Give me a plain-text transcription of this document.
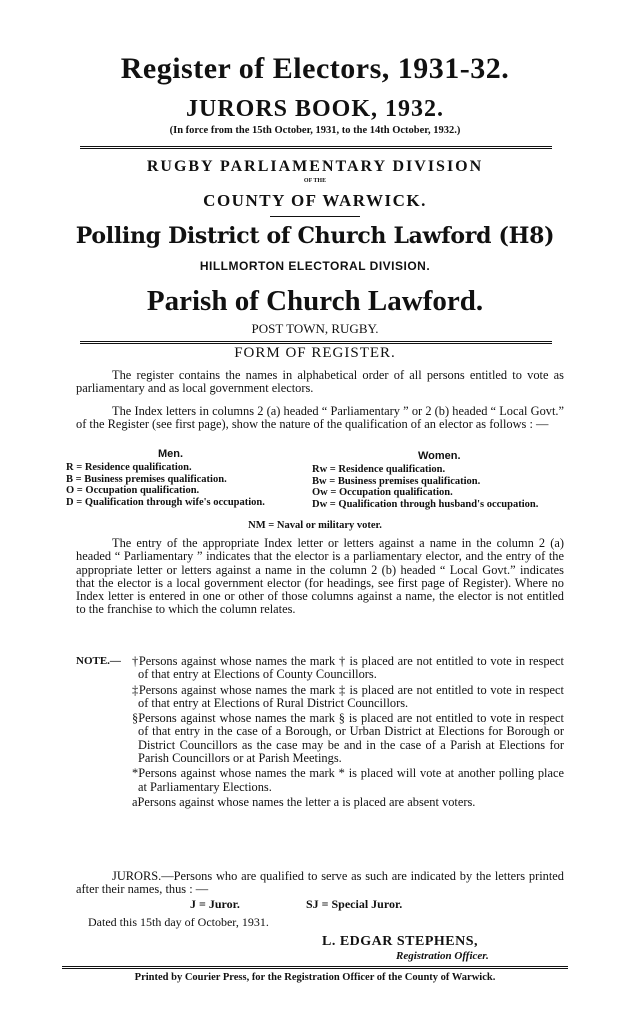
Register of Electors, 1931-32.
JURORS BOOK, 1932.
(In force from the 15th October, 1931, to the 14th October, 1932.)
RUGBY PARLIAMENTARY DIVISION
OF THE
COUNTY OF WARWICK.
Polling District of Church Lawford (H8)
HILLMORTON ELECTORAL DIVISION.
Parish of Church Lawford.
POST TOWN, RUGBY.
FORM OF REGISTER.

The register contains the names in alphabetical order of all persons entitled to vote as parliamentary and as local government electors.

The Index letters in columns 2 (a) headed “ Parliamentary ” or 2 (b) headed “ Local Govt.” of the Register (see first page), show the nature of the qualification of an elector as follows : —

Men.	Women.
R = Residence qualification.
B = Business premises qualification.
O = Occupation qualification.
D = Qualification through wife's occupation.
Rw = Residence qualification.
Bw = Business premises qualification.
Ow = Occupation qualification.
Dw = Qualification through husband's occupation.
NM = Naval or military voter.

The entry of the appropriate Index letter or letters against a name in the column 2 (a) headed “ Parliamentary ” indicates that the elector is a parliamentary elector, and the entry of the appropriate letter or letters against a name in the column 2 (b) headed “ Local Govt.” indicates that the elector is a local government elector (for headings, see first page of Register). Where no Index letter is entered in one or other of those columns against a name, the elector is not entitled to the franchise to which the column relates.

NOTE.— †Persons against whose names the mark † is placed are not entitled to vote in respect of that entry at Elections of County Councillors.

‡Persons against whose names the mark ‡ is placed are not entitled to vote in respect of that entry at Elections of Rural District Councillors.

§Persons against whose names the mark § is placed are not entitled to vote in respect of that entry in the case of a Borough, or Urban District at Elections for Borough or District Councillors as the case may be and in the case of a Parish at Elections for Parish Councillors or at Parish Meetings.

*Persons against whose names the mark * is placed will vote at another polling place at Parliamentary Elections.

aPersons against whose names the letter a is placed are absent voters.

JURORS.—Persons who are qualified to serve as such are indicated by the letters printed after their names, thus : —

J = Juror.	SJ = Special Juror.
Dated this 15th day of October, 1931.
L. EDGAR STEPHENS,
Registration Officer.
Printed by Courier Press, for the Registration Officer of the County of Warwick.
